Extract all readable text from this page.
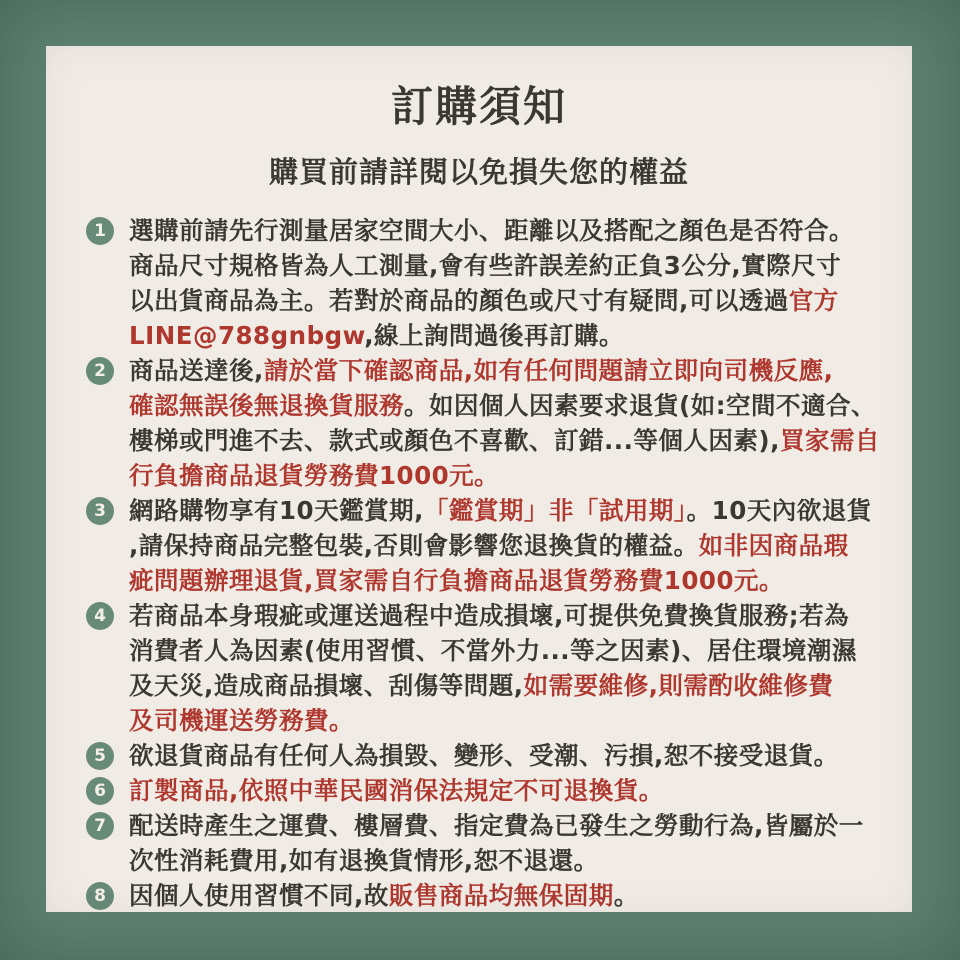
訂購須知
購買前請詳閱以免損失您的權益
1 選購前請先行測量居家空間大小、距離以及搭配之顏色是否符合。
商品尺寸規格皆為人工測量,會有些許誤差約正負3公分,實際尺寸
以出貨商品為主。若對於商品的顏色或尺寸有疑問,可以透過官方
LINE@788gnbgw,線上詢問過後再訂購。
2 商品送達後,請於當下確認商品,如有任何問題請立即向司機反應,
確認無誤後無退換貨服務。如因個人因素要求退貨(如:空間不適合、
樓梯或門進不去、款式或顏色不喜歡、訂錯...等個人因素),買家需自
行負擔商品退貨勞務費1000元。
3 網路購物享有10天鑑賞期,「鑑賞期」非「試用期」。10天內欲退貨
,請保持商品完整包裝,否則會影響您退換貨的權益。如非因商品瑕
疵問題辦理退貨,買家需自行負擔商品退貨勞務費1000元。
4 若商品本身瑕疵或運送過程中造成損壞,可提供免費換貨服務;若為
消費者人為因素(使用習慣、不當外力...等之因素)、居住環境潮濕
及天災,造成商品損壞、刮傷等問題,如需要維修,則需酌收維修費
及司機運送勞務費。
5 欲退貨商品有任何人為損毀、變形、受潮、污損,恕不接受退貨。
6 訂製商品,依照中華民國消保法規定不可退換貨。
7 配送時產生之運費、樓層費、指定費為已發生之勞動行為,皆屬於一
次性消耗費用,如有退換貨情形,恕不退還。
8 因個人使用習慣不同,故販售商品均無保固期。
